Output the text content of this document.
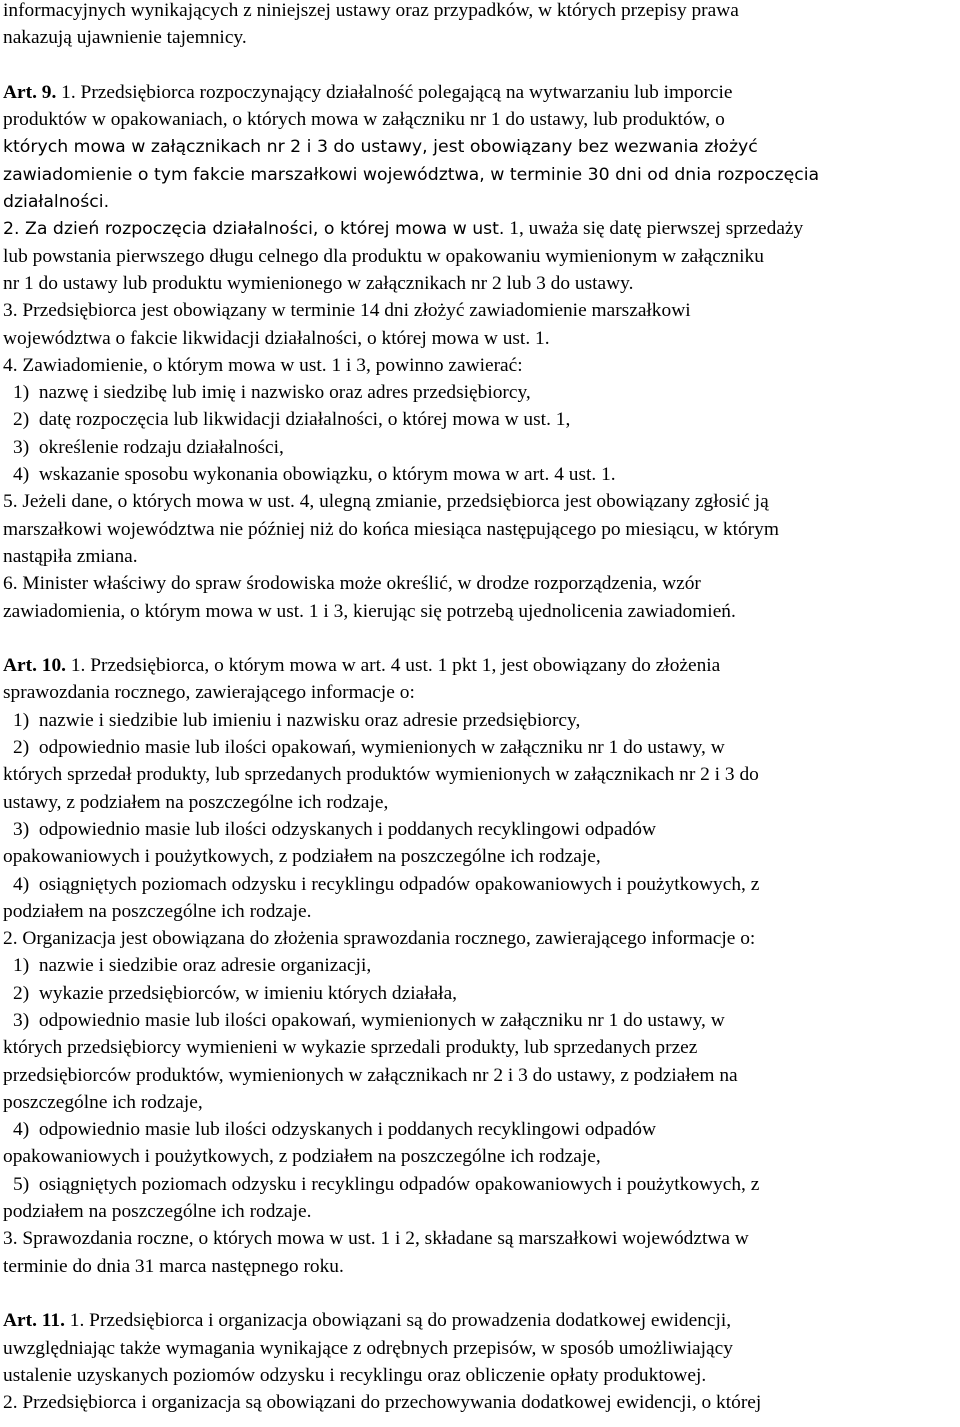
informacyjnych wynikających z niniejszej ustawy oraz przypadków, w których przepisy prawa
nakazują ujawnienie tajemnicy.
Art. 9. 1. Przedsiębiorca rozpoczynający działalność polegającą na wytwarzaniu lub imporcie
produktów w opakowaniach, o których mowa w załączniku nr 1 do ustawy, lub produktów, o
których mowa w załącznikach nr 2 i 3 do ustawy, jest obowiązany bez wezwania złożyć
zawiadomienie o tym fakcie marszałkowi województwa, w terminie 30 dni od dnia rozpoczęcia
działalności.
2. Za dzień rozpoczęcia działalności, o której mowa w ust. 1, uważa się datę pierwszej sprzedaży
lub powstania pierwszego długu celnego dla produktu w opakowaniu wymienionym w załączniku
nr 1 do ustawy lub produktu wymienionego w załącznikach nr 2 lub 3 do ustawy.
3. Przedsiębiorca jest obowiązany w terminie 14 dni złożyć zawiadomienie marszałkowi
województwa o fakcie likwidacji działalności, o której mowa w ust. 1.
4. Zawiadomienie, o którym mowa w ust. 1 i 3, powinno zawierać:
1)  nazwę i siedzibę lub imię i nazwisko oraz adres przedsiębiorcy,
2)  datę rozpoczęcia lub likwidacji działalności, o której mowa w ust. 1,
3)  określenie rodzaju działalności,
4)  wskazanie sposobu wykonania obowiązku, o którym mowa w art. 4 ust. 1.
5. Jeżeli dane, o których mowa w ust. 4, ulegną zmianie, przedsiębiorca jest obowiązany zgłosić ją
marszałkowi województwa nie później niż do końca miesiąca następującego po miesiącu, w którym
nastąpiła zmiana.
6. Minister właściwy do spraw środowiska może określić, w drodze rozporządzenia, wzór
zawiadomienia, o którym mowa w ust. 1 i 3, kierując się potrzebą ujednolicenia zawiadomień.
Art. 10. 1. Przedsiębiorca, o którym mowa w art. 4 ust. 1 pkt 1, jest obowiązany do złożenia
sprawozdania rocznego, zawierającego informacje o:
1)  nazwie i siedzibie lub imieniu i nazwisku oraz adresie przedsiębiorcy,
2)  odpowiednio masie lub ilości opakowań, wymienionych w załączniku nr 1 do ustawy, w
których sprzedał produkty, lub sprzedanych produktów wymienionych w załącznikach nr 2 i 3 do
ustawy, z podziałem na poszczególne ich rodzaje,
3)  odpowiednio masie lub ilości odzyskanych i poddanych recyklingowi odpadów
opakowaniowych i poużytkowych, z podziałem na poszczególne ich rodzaje,
4)  osiągniętych poziomach odzysku i recyklingu odpadów opakowaniowych i poużytkowych, z
podziałem na poszczególne ich rodzaje.
2. Organizacja jest obowiązana do złożenia sprawozdania rocznego, zawierającego informacje o:
1)  nazwie i siedzibie oraz adresie organizacji,
2)  wykazie przedsiębiorców, w imieniu których działała,
3)  odpowiednio masie lub ilości opakowań, wymienionych w załączniku nr 1 do ustawy, w
których przedsiębiorcy wymienieni w wykazie sprzedali produkty, lub sprzedanych przez
przedsiębiorców produktów, wymienionych w załącznikach nr 2 i 3 do ustawy, z podziałem na
poszczególne ich rodzaje,
4)  odpowiednio masie lub ilości odzyskanych i poddanych recyklingowi odpadów
opakowaniowych i poużytkowych, z podziałem na poszczególne ich rodzaje,
5)  osiągniętych poziomach odzysku i recyklingu odpadów opakowaniowych i poużytkowych, z
podziałem na poszczególne ich rodzaje.
3. Sprawozdania roczne, o których mowa w ust. 1 i 2, składane są marszałkowi województwa w
terminie do dnia 31 marca następnego roku.
Art. 11. 1. Przedsiębiorca i organizacja obowiązani są do prowadzenia dodatkowej ewidencji,
uwzględniając także wymagania wynikające z odrębnych przepisów, w sposób umożliwiający
ustalenie uzyskanych poziomów odzysku i recyklingu oraz obliczenie opłaty produktowej.
2. Przedsiębiorca i organizacja są obowiązani do przechowywania dodatkowej ewidencji, o której
